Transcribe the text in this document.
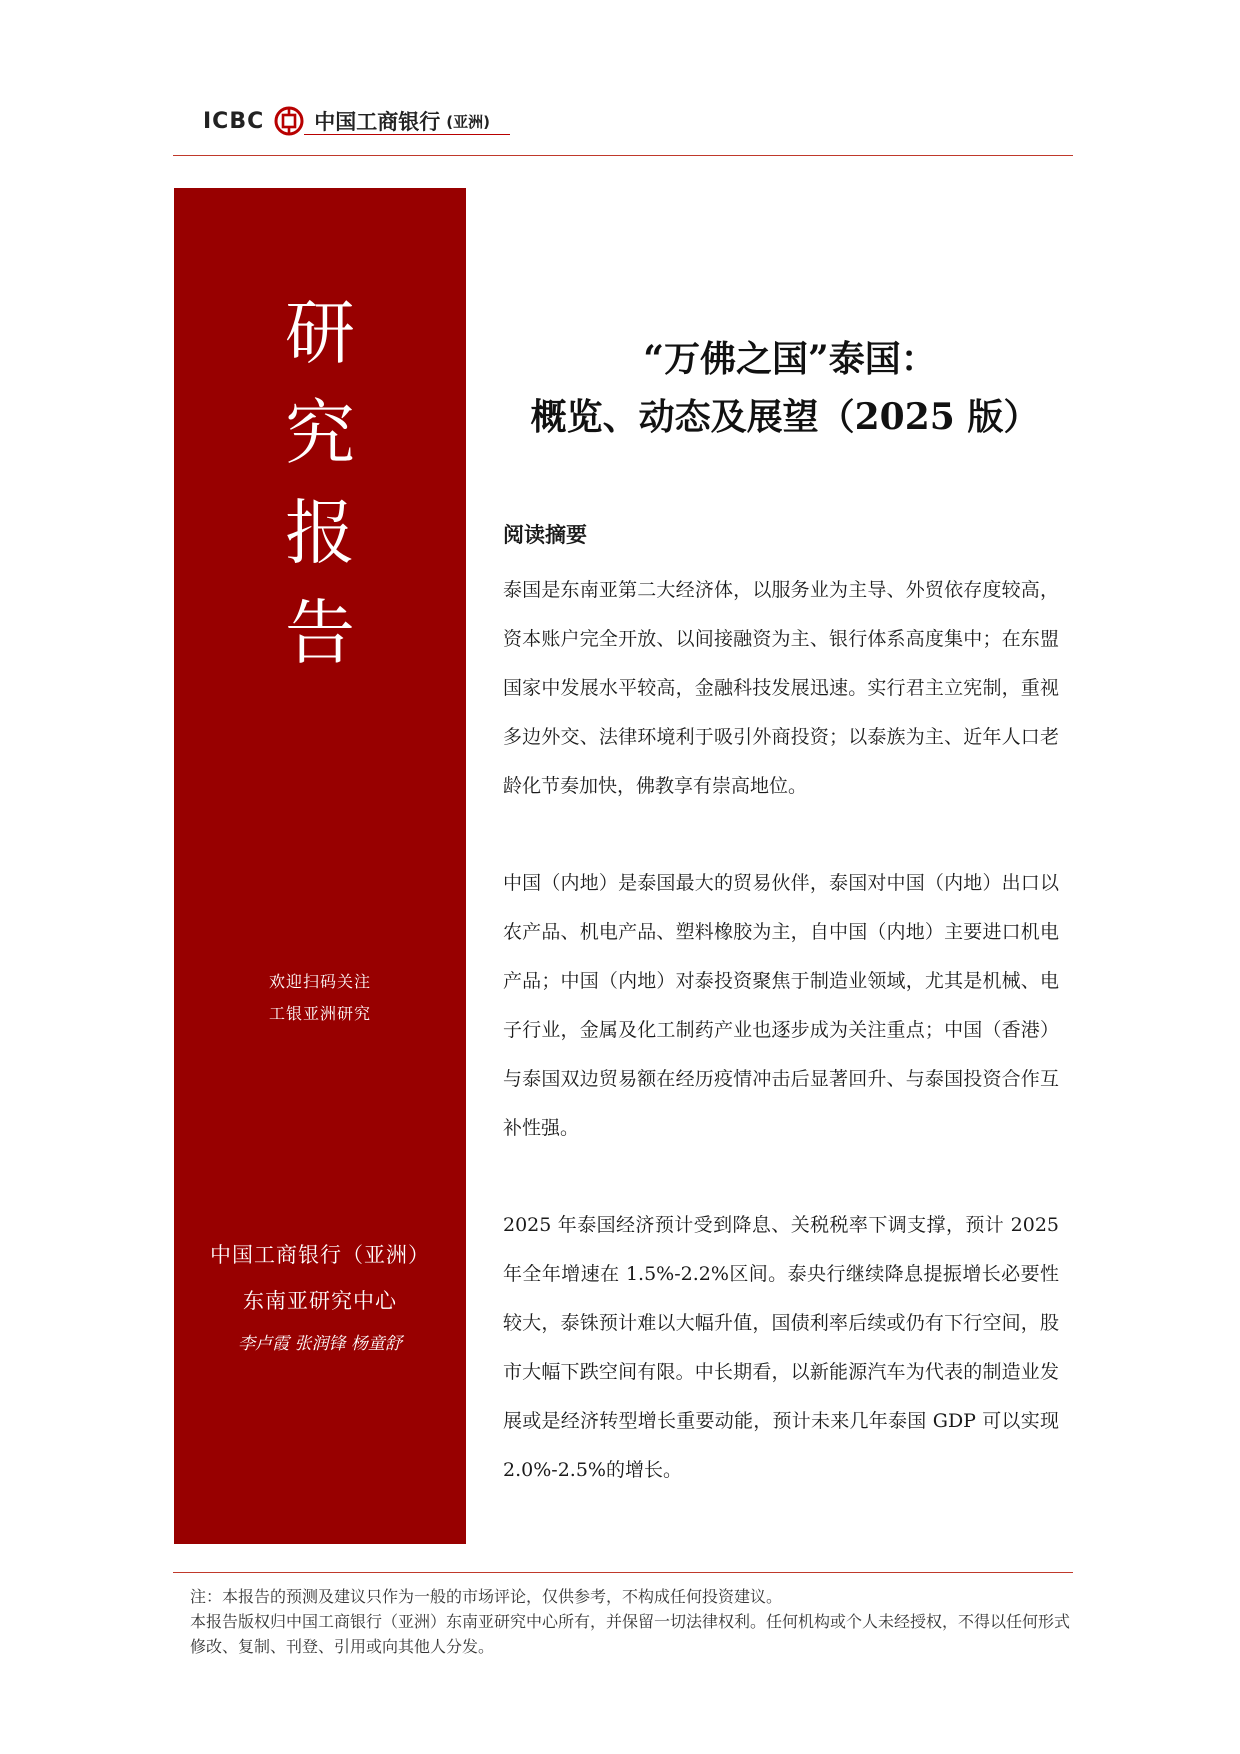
ICBC 中国工商银行 (亚洲)
研
究
报
告
欢迎扫码关注
工银亚洲研究
中国工商银行（亚洲）
东南亚研究中心
李卢霞 张润锋 杨童舒
“万佛之国”泰国：
概览、动态及展望（2025 版）
阅读摘要

泰国是东南亚第二大经济体，以服务业为主导、外贸依存度较高，资本账户完全开放、以间接融资为主、银行体系高度集中；在东盟国家中发展水平较高，金融科技发展迅速。实行君主立宪制，重视多边外交、法律环境利于吸引外商投资；以泰族为主、近年人口老龄化节奏加快，佛教享有崇高地位。

中国（内地）是泰国最大的贸易伙伴，泰国对中国（内地）出口以农产品、机电产品、塑料橡胶为主，自中国（内地）主要进口机电产品；中国（内地）对泰投资聚焦于制造业领域，尤其是机械、电子行业，金属及化工制药产业也逐步成为关注重点；中国（香港）与泰国双边贸易额在经历疫情冲击后显著回升、与泰国投资合作互补性强。

2025 年泰国经济预计受到降息、关税税率下调支撑，预计 2025 年全年增速在 1.5%-2.2%区间。泰央行继续降息提振增长必要性较大，泰铢预计难以大幅升值，国债利率后续或仍有下行空间，股市大幅下跌空间有限。中长期看，以新能源汽车为代表的制造业发展或是经济转型增长重要动能，预计未来几年泰国 GDP 可以实现 2.0%-2.5%的增长。

注：本报告的预测及建议只作为一般的市场评论，仅供参考，不构成任何投资建议。
本报告版权归中国工商银行（亚洲）东南亚研究中心所有，并保留一切法律权利。任何机构或个人未经授权，不得以任何形式修改、复制、刊登、引用或向其他人分发。
